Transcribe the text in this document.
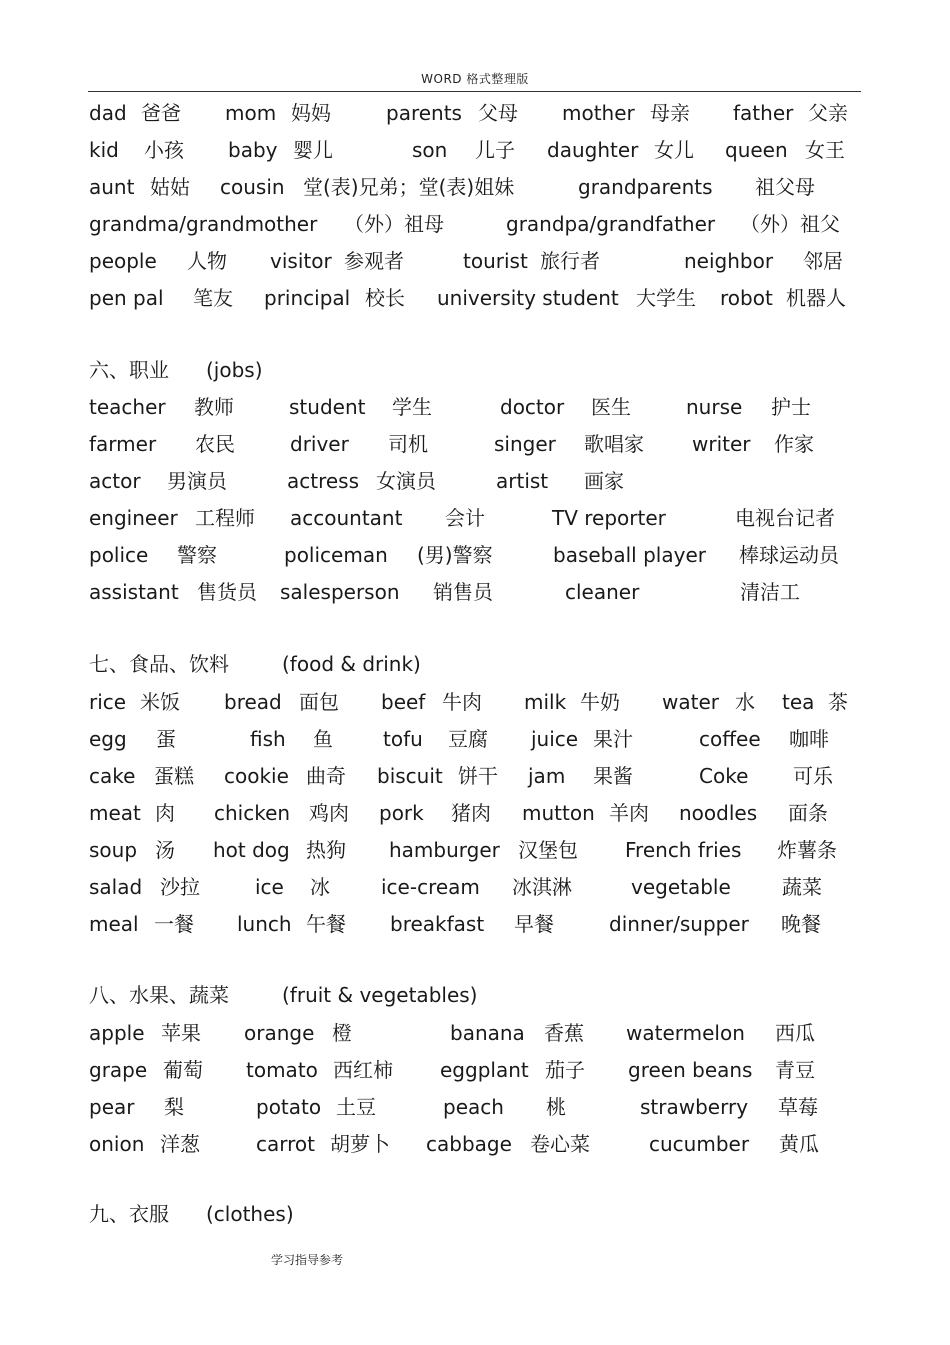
WORD 格式整理版
dad 爸爸 mom 妈妈	parents 父母 mother 母亲 father 父亲
kid 小孩 baby 婴儿	son 儿子 daughter 女儿 queen 女王
aunt 姑姑 cousin 堂(表)兄弟；堂(表)姐妹	grandparents 祖父母
grandma/grandmother （外）祖母	grandpa/grandfather （外）祖父
people 人物 visitor 参观者	tourist 旅行者	neighbor 邻居
pen pal 笔友 principal 校长 university student 大学生 robot 机器人
六、职业 (jobs)
teacher 教师	student 学生	doctor 医生	nurse 护士
farmer 农民	driver 司机	singer 歌唱家 writer 作家
actor 男演员	actress 女演员	artist 画家
engineer 工程师 accountant 会计	TV reporter	电视台记者
police 警察	policeman (男)警察	baseball player 棒球运动员
assistant 售货员 salesperson 销售员	cleaner	清洁工
七、食品、饮料	(food & drink)
rice 米饭 bread 面包 beef 牛肉 milk 牛奶 water 水 tea 茶
egg 蛋	fish 鱼	tofu 豆腐 juice 果汁	coffee 咖啡
cake 蛋糕 cookie 曲奇 biscuit 饼干 jam 果酱	Coke 可乐
meat 肉 chicken 鸡肉 pork 猪肉 mutton 羊肉 noodles 面条
soup 汤 hot dog 热狗 hamburger 汉堡包 French fries 炸薯条
salad 沙拉	ice 冰	ice-cream 冰淇淋	vegetable	蔬菜
meal 一餐 lunch 午餐 breakfast 早餐	dinner/supper 晚餐
八、水果、蔬菜	(fruit & vegetables)
apple 苹果 orange 橙	banana 香蕉 watermelon 西瓜
grape 葡萄 tomato 西红柿 eggplant 茄子 green beans 青豆
pear 梨	potato 土豆	peach 桃	strawberry 草莓
onion 洋葱	carrot 胡萝卜 cabbage 卷心菜	cucumber 黄瓜
九、衣服 (clothes)
学习指导参考
